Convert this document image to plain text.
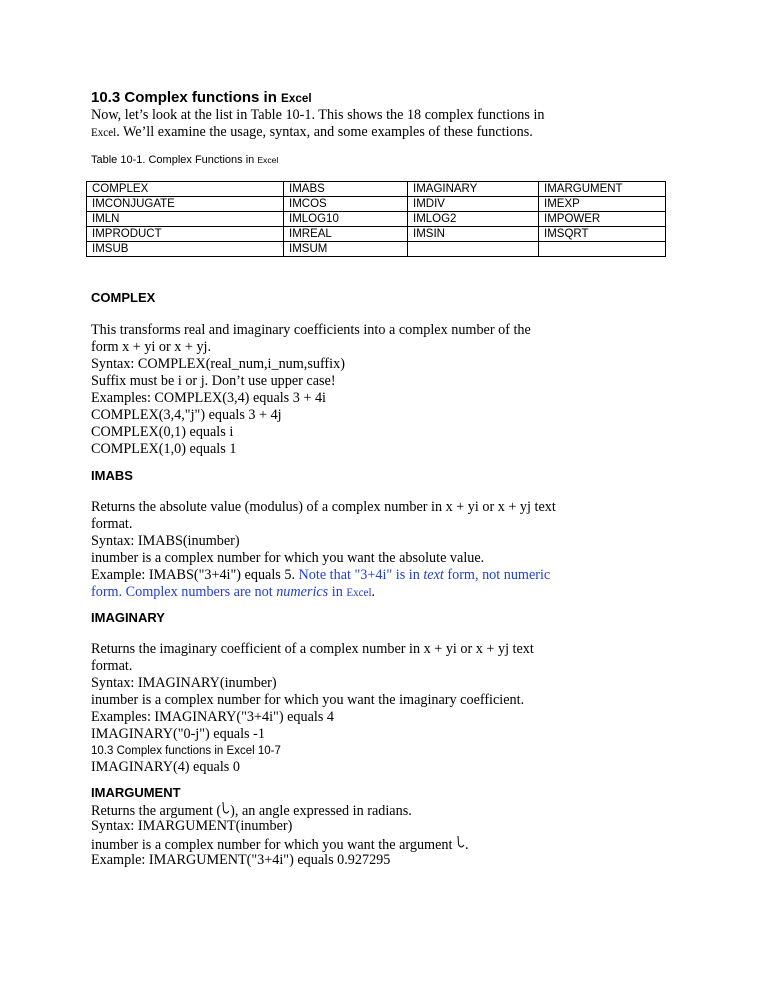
10.3 Complex functions in Excel
Now, let’s look at the list in Table 10-1. This shows the 18 complex functions in
Excel. We’ll examine the usage, syntax, and some examples of these functions.
Table 10-1. Complex Functions in Excel
COMPLEX	IMABS	IMAGINARY	IMARGUMENT
IMCONJUGATE	IMCOS	IMDIV	IMEXP
IMLN	IMLOG10	IMLOG2	IMPOWER
IMPRODUCT	IMREAL	IMSIN	IMSQRT
IMSUB	IMSUM		
COMPLEX
This transforms real and imaginary coefficients into a complex number of the
form x + yi or x + yj.
Syntax: COMPLEX(real_num,i_num,suffix)
Suffix must be i or j. Don’t use upper case!
Examples: COMPLEX(3,4) equals 3 + 4i
COMPLEX(3,4,"j") equals 3 + 4j
COMPLEX(0,1) equals i
COMPLEX(1,0) equals 1
IMABS
Returns the absolute value (modulus) of a complex number in x + yi or x + yj text
format.
Syntax: IMABS(inumber)
inumber is a complex number for which you want the absolute value.
Example: IMABS("3+4i") equals 5. Note that "3+4i" is in text form, not numeric
form. Complex numbers are not numerics in Excel.
IMAGINARY
Returns the imaginary coefficient of a complex number in x + yi or x + yj text
format.
Syntax: IMAGINARY(inumber)
inumber is a complex number for which you want the imaginary coefficient.
Examples: IMAGINARY("3+4i") equals 4
IMAGINARY("0-j") equals -1
10.3 Complex functions in Excel 10-7
IMAGINARY(4) equals 0
IMARGUMENT
Returns the argument ( ), an angle expressed in radians.
Syntax: IMARGUMENT(inumber)
inumber is a complex number for which you want the argument .
Example: IMARGUMENT("3+4i") equals 0.927295
